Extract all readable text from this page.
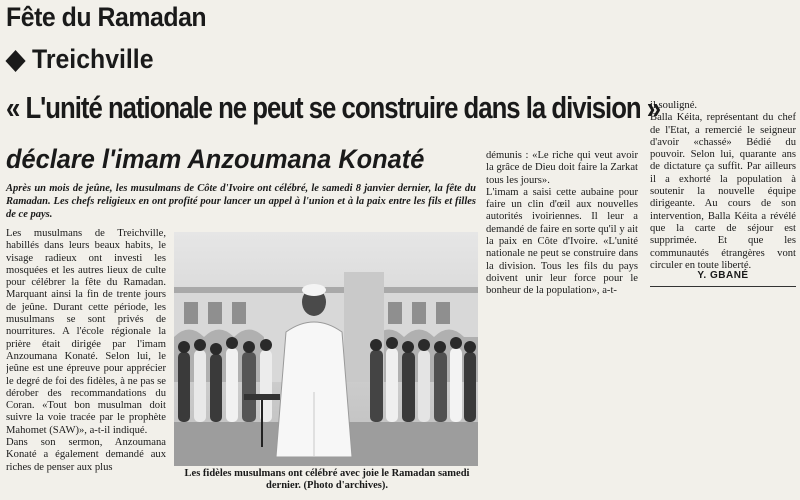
Fête du Ramadan
◆ Treichville
« L'unité nationale ne peut se construire dans la division »
déclare l'imam Anzoumana Konaté
Après un mois de jeûne, les musulmans de Côte d'Ivoire ont célébré, le samedi 8 janvier dernier, la fête du Ramadan. Les chefs religieux en ont profité pour lancer un appel à l'union et à la paix entre les fils et filles de ce pays.

Les musulmans de Treichville, habillés dans leurs beaux habits, le visage radieux ont investi les mosquées et les autres lieux de culte pour célébrer la fête du Ramadan. Marquant ainsi la fin de trente jours de jeûne. Durant cette période, les musulmans se sont privés de nourritures. A l'école régionale la prière était dirigée par l'imam Anzoumana Konaté. Selon lui, le jeûne est une épreuve pour apprécier le degré de foi des fidèles, à ne pas se dérober des recommandations du Coran. «Tout bon musulman doit suivre la voie tracée par le prophète Mahomet (SAW)», a-t-il indiqué.

Dans son sermon, Anzoumana Konaté a également demandé aux riches de penser aux plus

Les fidèles musulmans ont célébré avec joie le Ramadan samedi dernier. (Photo d'archives).

démunis : «Le riche qui veut avoir la grâce de Dieu doit faire la Zarkat tous les jours».

L'imam a saisi cette aubaine pour faire un clin d'œil aux nouvelles autorités ivoiriennes. Il leur a demandé de faire en sorte qu'il y ait la paix en Côte d'Ivoire. «L'unité nationale ne peut se construire dans la division. Tous les fils du pays doivent unir leur force pour le bonheur de la population», a-t-

il souligné.

Balla Kéita, représentant du chef de l'Etat, a remercié le seigneur d'avoir «chassé» Bédié du pouvoir. Selon lui, quarante ans de dictature ça suffit. Par ailleurs il a exhorté la population à soutenir la nouvelle équipe dirigeante. Au cours de son intervention, Balla Kéita a révélé que la carte de séjour est supprimée. Et que les communautés étrangères vont circuler en toute liberté.

Y. GBANÉ
